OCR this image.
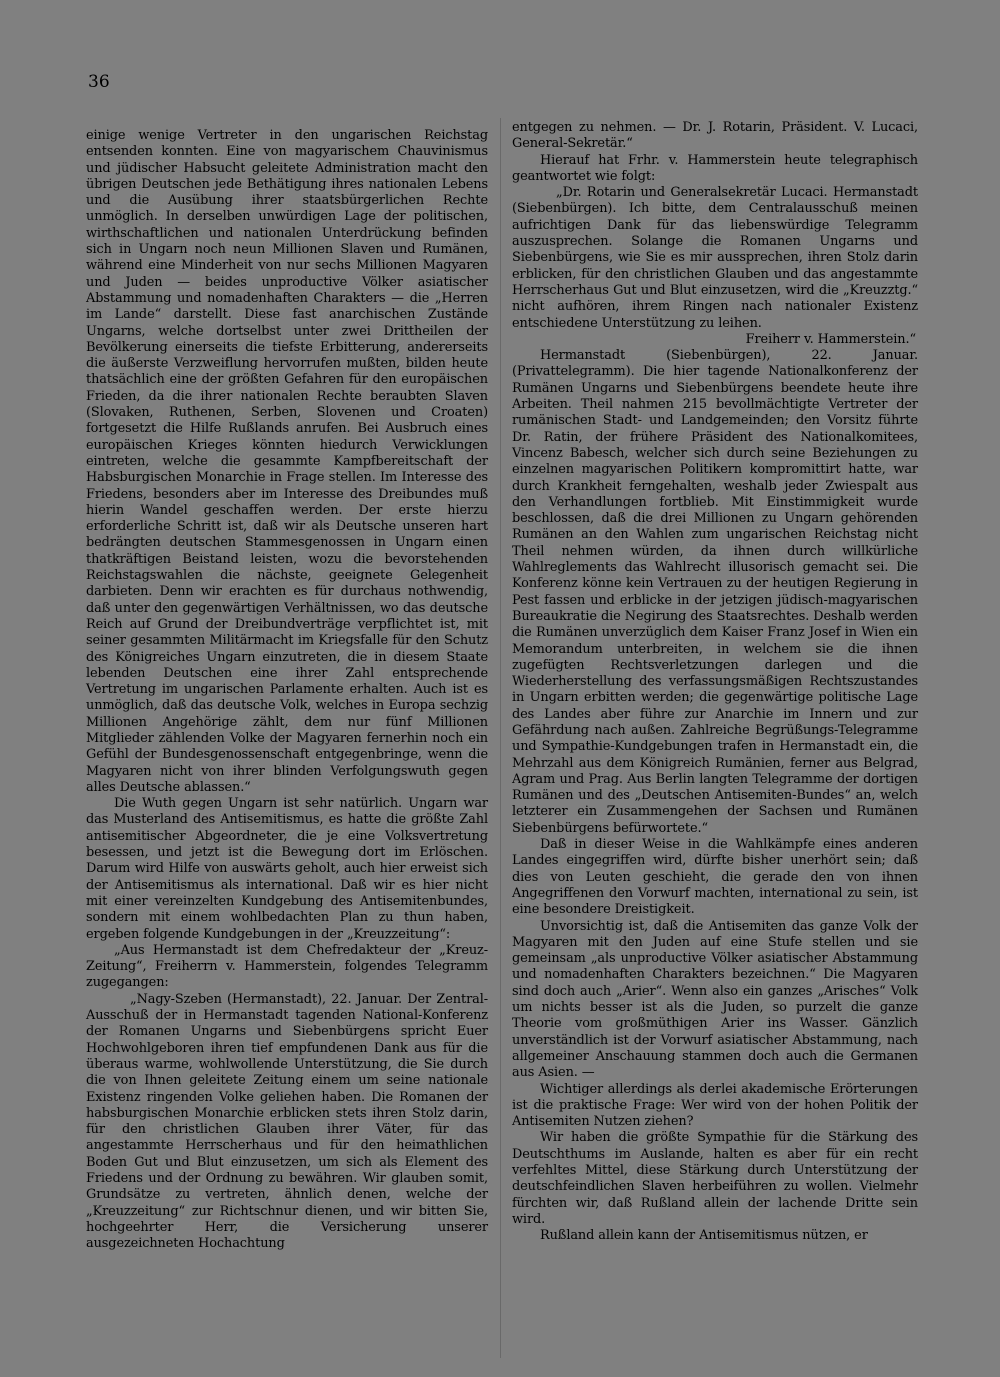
36

einige wenige Vertreter in den ungarischen Reichstag entsenden konnten. Eine von magyarischem Chauvinismus und jüdischer Habsucht geleitete Administration macht den übrigen Deutschen jede Bethätigung ihres nationalen Lebens und die Ausübung ihrer staatsbürgerlichen Rechte unmöglich. In derselben unwürdigen Lage der politischen, wirthschaftlichen und nationalen Unterdrückung befinden sich in Ungarn noch neun Millionen Slaven und Rumänen, während eine Minderheit von nur sechs Millionen Magyaren und Juden — beides unproductive Völker asiatischer Abstammung und nomadenhaften Charakters — die „Herren im Lande“ darstellt. Diese fast anarchischen Zustände Ungarns, welche dortselbst unter zwei Drittheilen der Bevölkerung einerseits die tiefste Erbitterung, andererseits die äußerste Verzweiflung hervorrufen mußten, bilden heute thatsächlich eine der größten Gefahren für den europäischen Frieden, da die ihrer nationalen Rechte beraubten Slaven (Slovaken, Ruthenen, Serben, Slovenen und Croaten) fortgesetzt die Hilfe Rußlands anrufen. Bei Ausbruch eines europäischen Krieges könnten hiedurch Verwicklungen eintreten, welche die gesammte Kampfbereitschaft der Habsburgischen Monarchie in Frage stellen. Im Interesse des Friedens, besonders aber im Interesse des Dreibundes muß hierin Wandel geschaffen werden. Der erste hierzu erforderliche Schritt ist, daß wir als Deutsche unseren hart bedrängten deutschen Stammesgenossen in Ungarn einen thatkräftigen Beistand leisten, wozu die bevorstehenden Reichstagswahlen die nächste, geeignete Gelegenheit darbieten. Denn wir erachten es für durchaus nothwendig, daß unter den gegenwärtigen Verhältnissen, wo das deutsche Reich auf Grund der Dreibundverträge verpflichtet ist, mit seiner gesammten Militärmacht im Kriegsfalle für den Schutz des Königreiches Ungarn einzutreten, die in diesem Staate lebenden Deutschen eine ihrer Zahl entsprechende Vertretung im ungarischen Parlamente erhalten. Auch ist es unmöglich, daß das deutsche Volk, welches in Europa sechzig Millionen Angehörige zählt, dem nur fünf Millionen Mitglieder zählenden Volke der Magyaren fernerhin noch ein Gefühl der Bundesgenossenschaft entgegenbringe, wenn die Magyaren nicht von ihrer blinden Verfolgungswuth gegen alles Deutsche ablassen.“

Die Wuth gegen Ungarn ist sehr natürlich. Ungarn war das Musterland des Antisemitismus, es hatte die größte Zahl antisemitischer Abgeordneter, die je eine Volksvertretung besessen, und jetzt ist die Bewegung dort im Erlöschen. Darum wird Hilfe von auswärts geholt, auch hier erweist sich der Antisemitismus als international. Daß wir es hier nicht mit einer vereinzelten Kundgebung des Antisemitenbundes, sondern mit einem wohlbedachten Plan zu thun haben, ergeben folgende Kundgebungen in der „Kreuzzeitung“:

„Aus Hermanstadt ist dem Chefredakteur der „Kreuz-Zeitung“, Freiherrn v. Hammerstein, folgendes Telegramm zugegangen:

„Nagy-Szeben (Hermanstadt), 22. Januar. Der Zentral-Ausschuß der in Hermanstadt tagenden National-Konferenz der Romanen Ungarns und Siebenbürgens spricht Euer Hochwohlgeboren ihren tief empfundenen Dank aus für die überaus warme, wohlwollende Unterstützung, die Sie durch die von Ihnen geleitete Zeitung einem um seine nationale Existenz ringenden Volke geliehen haben. Die Romanen der habsburgischen Monarchie erblicken stets ihren Stolz darin, für den christlichen Glauben ihrer Väter, für das angestammte Herrscherhaus und für den heimathlichen Boden Gut und Blut einzusetzen, um sich als Element des Friedens und der Ordnung zu bewähren. Wir glauben somit, Grundsätze zu vertreten, ähnlich denen, welche der „Kreuzzeitung“ zur Richtschnur dienen, und wir bitten Sie, hochgeehrter Herr, die Versicherung unserer ausgezeichneten Hochachtung

entgegen zu nehmen. — Dr. J. Rotarin, Präsident. V. Lucaci, General-Sekretär.“

Hierauf hat Frhr. v. Hammerstein heute telegraphisch geantwortet wie folgt:

„Dr. Rotarin und Generalsekretär Lucaci. Hermanstadt (Siebenbürgen). Ich bitte, dem Centralausschuß meinen aufrichtigen Dank für das liebenswürdige Telegramm auszusprechen. Solange die Romanen Ungarns und Siebenbürgens, wie Sie es mir aussprechen, ihren Stolz darin erblicken, für den christlichen Glauben und das angestammte Herrscherhaus Gut und Blut einzusetzen, wird die „Kreuzztg.“ nicht aufhören, ihrem Ringen nach nationaler Existenz entschiedene Unterstützung zu leihen.

Freiherr v. Hammerstein.“

Hermanstadt (Siebenbürgen), 22. Januar. (Privattelegramm). Die hier tagende Nationalkonferenz der Rumänen Ungarns und Siebenbürgens beendete heute ihre Arbeiten. Theil nahmen 215 bevollmächtigte Vertreter der rumänischen Stadt- und Landgemeinden; den Vorsitz führte Dr. Ratin, der frühere Präsident des Nationalkomitees, Vincenz Babesch, welcher sich durch seine Beziehungen zu einzelnen magyarischen Politikern kompromittirt hatte, war durch Krankheit ferngehalten, weshalb jeder Zwiespalt aus den Verhandlungen fortblieb. Mit Einstimmigkeit wurde beschlossen, daß die drei Millionen zu Ungarn gehörenden Rumänen an den Wahlen zum ungarischen Reichstag nicht Theil nehmen würden, da ihnen durch willkürliche Wahlreglements das Wahlrecht illusorisch gemacht sei. Die Konferenz könne kein Vertrauen zu der heutigen Regierung in Pest fassen und erblicke in der jetzigen jüdisch-magyarischen Bureaukratie die Negirung des Staatsrechtes. Deshalb werden die Rumänen unverzüglich dem Kaiser Franz Josef in Wien ein Memorandum unterbreiten, in welchem sie die ihnen zugefügten Rechtsverletzungen darlegen und die Wiederherstellung des verfassungsmäßigen Rechtszustandes in Ungarn erbitten werden; die gegenwärtige politische Lage des Landes aber führe zur Anarchie im Innern und zur Gefährdung nach außen. Zahlreiche Begrüßungs-Telegramme und Sympathie-Kundgebungen trafen in Hermanstadt ein, die Mehrzahl aus dem Königreich Rumänien, ferner aus Belgrad, Agram und Prag. Aus Berlin langten Telegramme der dortigen Rumänen und des „Deutschen Antisemiten-Bundes“ an, welch letzterer ein Zusammengehen der Sachsen und Rumänen Siebenbürgens befürwortete.“

Daß in dieser Weise in die Wahlkämpfe eines anderen Landes eingegriffen wird, dürfte bisher unerhört sein; daß dies von Leuten geschieht, die gerade den von ihnen Angegriffenen den Vorwurf machten, international zu sein, ist eine besondere Dreistigkeit.

Unvorsichtig ist, daß die Antisemiten das ganze Volk der Magyaren mit den Juden auf eine Stufe stellen und sie gemeinsam „als unproductive Völker asiatischer Abstammung und nomadenhaften Charakters bezeichnen.“ Die Magyaren sind doch auch „Arier“. Wenn also ein ganzes „Arisches“ Volk um nichts besser ist als die Juden, so purzelt die ganze Theorie vom großmüthigen Arier ins Wasser. Gänzlich unverständlich ist der Vorwurf asiatischer Abstammung, nach allgemeiner Anschauung stammen doch auch die Germanen aus Asien. —

Wichtiger allerdings als derlei akademische Erörterungen ist die praktische Frage: Wer wird von der hohen Politik der Antisemiten Nutzen ziehen?

Wir haben die größte Sympathie für die Stärkung des Deutschthums im Auslande, halten es aber für ein recht verfehltes Mittel, diese Stärkung durch Unterstützung der deutschfeindlichen Slaven herbeiführen zu wollen. Vielmehr fürchten wir, daß Rußland allein der lachende Dritte sein wird.

Rußland allein kann der Antisemitismus nützen, er
